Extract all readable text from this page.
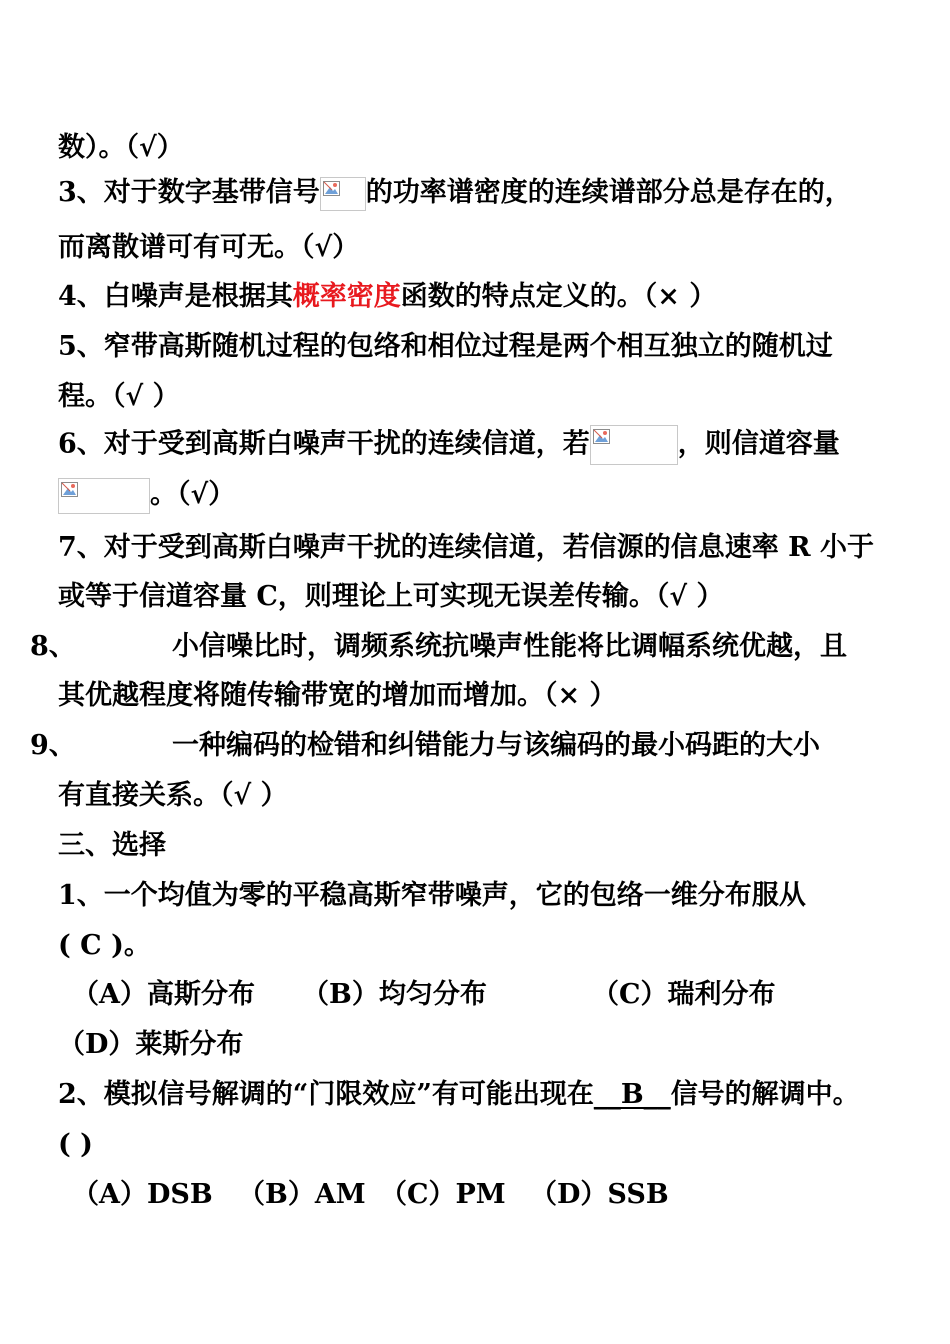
数）。（√）

3、对于数字基带信号 的功率谱密度的连续谱部分总是存在的，

而离散谱可有可无。（√）

4、白噪声是根据其概率密度函数的特点定义的。（× ）

5、窄带高斯随机过程的包络和相位过程是两个相互独立的随机过

程。（√ ）

6、对于受到高斯白噪声干扰的连续信道，若	，则信道容量

。（√）

7、对于受到高斯白噪声干扰的连续信道，若信源的信息速率 R 小于

或等于信道容量 C，则理论上可实现无误差传输。（√ ）

8、	小信噪比时，调频系统抗噪声性能将比调幅系统优越，且

其优越程度将随传输带宽的增加而增加。（× ）

9、	一种编码的检错和纠错能力与该编码的最小码距的大小

有直接关系。（√ ）

三、选择

1、一个均值为零的平稳高斯窄带噪声，它的包络一维分布服从

( C )。

（A）高斯分布 （B）均匀分布	（C）瑞利分布

（D）莱斯分布

2、模拟信号解调的“门限效应”有可能出现在__B__信号的解调中。

( )

（A）DSB （B）AM （C）PM （D）SSB
